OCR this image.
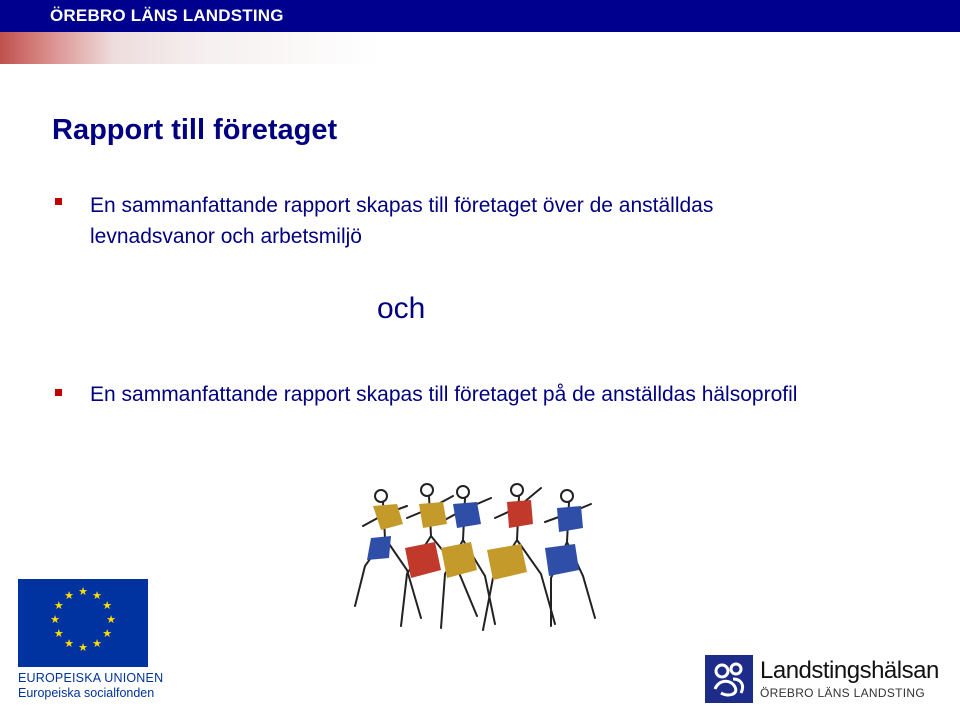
ÖREBRO LÄNS LANDSTING
Rapport till företaget
En sammanfattande rapport skapas till företaget över de anställdas
levnadsvanor och arbetsmiljö
och
En sammanfattande rapport skapas till företaget på de anställdas hälsoprofil
★ ★
★
★
★
★
★
★
★
★
★
★
EUROPEISKA UNIONEN
Europeiska socialfonden
Landstingshälsan
ÖREBRO LÄNS LANDSTING
